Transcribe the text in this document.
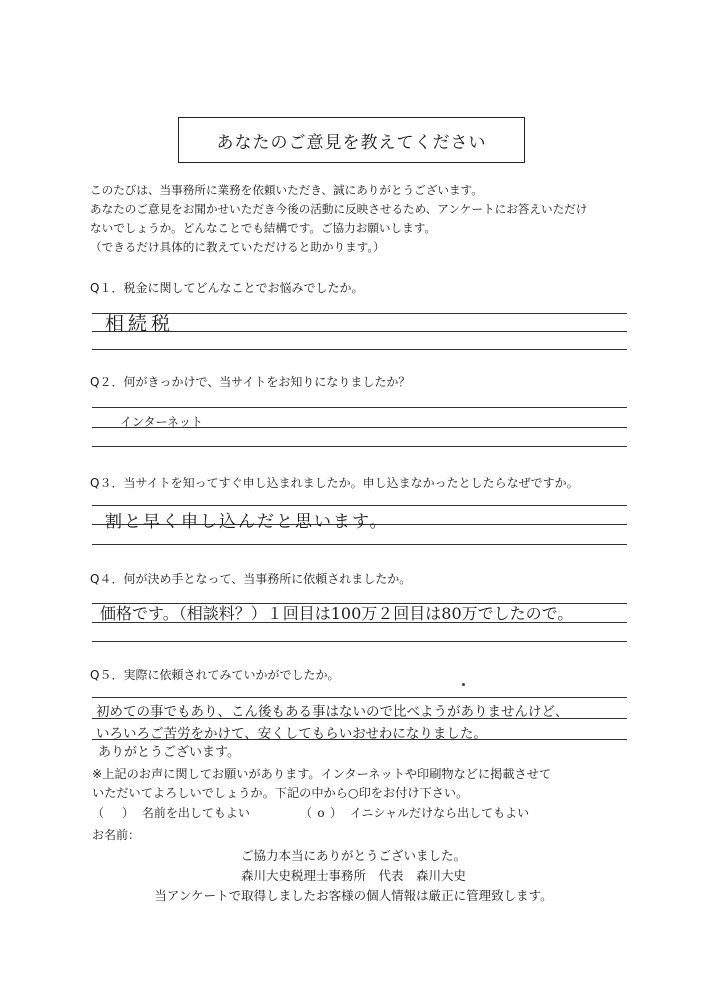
あなたのご意見を教えてください
このたびは、当事務所に業務を依頼いただき、誠にありがとうございます。
あなたのご意見をお聞かせいただき今後の活動に反映させるため、アンケートにお答えいただけ
ないでしょうか。どんなことでも結構です。ご協力お願いします。
（できるだけ具体的に教えていただけると助かります。）
Q１．税金に関してどんなことでお悩みでしたか。
相続税
Q２．何がきっかけで、当サイトをお知りになりましたか？
インターネット
Q３．当サイトを知ってすぐ申し込まれましたか。申し込まなかったとしたらなぜですか。
割と早く申し込んだと思います。
Q４．何が決め手となって、当事務所に依頼されましたか。
価格です。（相談料？）１回目は100万２回目は80万でしたので。
Q５．実際に依頼されてみていかがでしたか。
初めての事でもあり、こん後もある事はないので比べようがありませんけど、
いろいろご苦労をかけて、安くしてもらいおせわになりました。
ありがとうございます。
※上記のお声に関してお願いがあります。インターネットや印刷物などに掲載させて
いただいてよろしいでしょうか。下記の中から○印をお付け下さい。
（ ） 名前を出してもよい	（ o ） イニシャルだけなら出してもよい
お名前：
ご協力本当にありがとうございました。
森川大史税理士事務所　代表　森川大史
当アンケートで取得しましたお客様の個人情報は厳正に管理致します。
